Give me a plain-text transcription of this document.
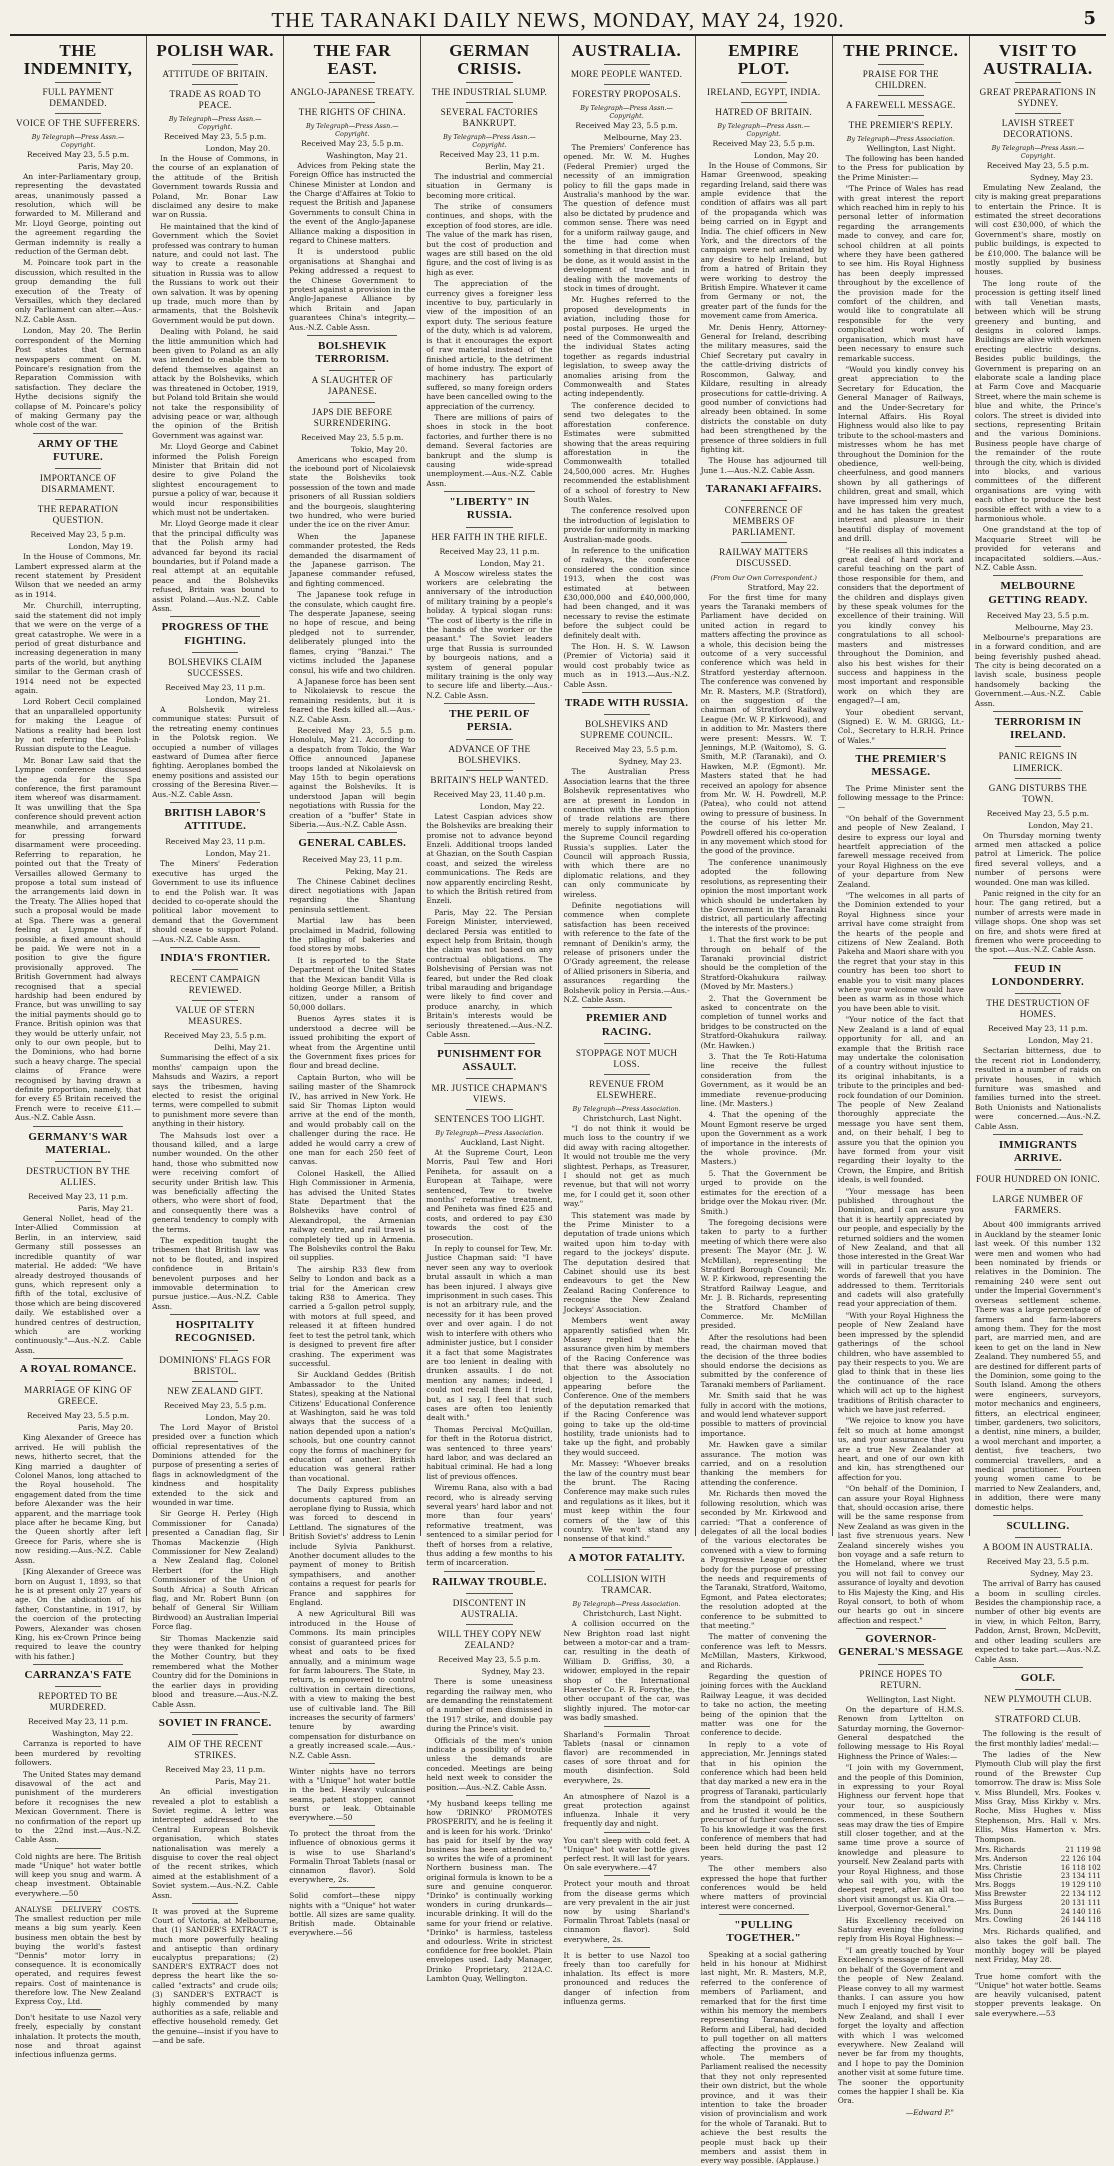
THE TARANAKI DAILY NEWS, MONDAY, MAY 24, 1920.	5
THE INDEMNITY,
FULL PAYMENT DEMANDED.
VOICE OF THE SUFFERERS.
By Telegraph—Press Assn.—Copyright.
Received May 23, 5.5 p.m.
Paris, May 20.

An inter-Parliamentary group, representing the devastated areas, unanimously passed a resolution, which will be forwarded to M. Millerand and Mr. Lloyd George, pointing out the agreement regarding the German indemnity is really a reduction of the German debt.

M. Poincare took part in the discussion, which resulted in the group demanding the full execution of the Treaty of Versailles, which they declared only Parliament can alter.—Aus.-N.Z. Cable Assn.

London, May 20. The Berlin correspondent of the Morning Post states that German newspapers comment on M. Poincare's resignation from the Reparation Commission with satisfaction. They declare the Hythe decisions signify the collapse of M. Poincare's policy of making Germany pay the whole cost of the war.

ARMY OF THE FUTURE.
IMPORTANCE OF DISARMAMENT.
THE REPARATION QUESTION.
Received May 23, 5 p.m.
London, May 19.

In the House of Commons, Mr. Lambert expressed alarm at the recent statement by President Wilson that we needed an army as in 1914.

Mr. Churchill, interrupting, said the statement did not imply that we were on the verge of a great catastrophe. We were in a period of great disturbance and increasing degeneration in many parts of the world, but anything similar to the German crash of 1914 need not be expected again.

Lord Robert Cecil complained that an unparalleled opportunity for making the League of Nations a reality had been lost by not referring the Polish-Russian dispute to the League.

Mr. Bonar Law said that the Lympne conference discussed the agenda for the Spa conference, the first paramount item whereof was disarmament. It was unwilling that the Spa conference should prevent action meanwhile, and arrangements for pressing forward disarmament were proceeding. Referring to reparation, he pointed out that the Treaty of Versailles allowed Germany to propose a total sum instead of the arrangements laid down in the Treaty. The Allies hoped that such a proposal would be made at Spa. There was a general feeling at Lympne that, if possible, a fixed amount should be paid. We were not in a position to give the figure provisionally approved. The British Government had always recognised that a special hardship had been endured by France, but was unwilling to say the initial payments should go to France. British opinion was that they would be utterly unfair, not only to our own people, but to the Dominions, who had borne such a heavy charge. The special claims of France were recognised by having drawn a definite proportion, namely, that for every £5 Britain received the French were to receive £11.—Aus.-N.Z. Cable Assn.

GERMANY'S WAR MATERIAL.
DESTRUCTION BY THE ALLIES.
Received May 23, 11 p.m.
Paris, May 21.

General Nollet, head of the Inter-Allied Commission at Berlin, in an interview, said Germany still possesses an incredible quantity of war material. He added: "We have already destroyed thousands of guns, which represent only a fifth of the total, exclusive of those which are being discovered daily. We established over a hundred centres of destruction, which are working continuously."—Aus.-N.Z. Cable Assn.

A ROYAL ROMANCE.
MARRIAGE OF KING OF GREECE.
Received May 23, 5.5 p.m.
Paris, May 20.

King Alexander of Greece has arrived. He will publish the news, hitherto secret, that the King married a daughter of Colonel Manos, long attached to the Royal household. The engagement dated from the time before Alexander was the heir apparent, and the marriage took place after he became King, but the Queen shortly after left Greece for Paris, where she is now residing.—Aus.-N.Z. Cable Assn.

[King Alexander of Greece was born on August 1, 1893, so that he is at present only 27 years of age. On the abdication of his father, Constantine, in 1917, by the coercion of the protecting Powers, Alexander was chosen King, his ex-Crown Prince being required to leave the country with his father.]

CARRANZA'S FATE
REPORTED TO BE MURDERED.
Received May 23, 11 p.m.
Washington, May 22.

Carranza is reported to have been murdered by revolting followers.

The United States may demand disavowal of the act and punishment of the murderers before it recognises the new Mexican Government. There is no confirmation of the report up to the 22nd inst.—Aus.-N.Z. Cable Assn.

Cold nights are here. The British made "Unique" hot water bottle will keep you snug and warm. A cheap investment. Obtainable everywhere.—50
ANALYSE DELIVERY COSTS. The smallest reduction per mile means a big sum yearly. Keen business men obtain the best by buying the world's fastest "Dennis" motor lorry in consequence. It is economically operated, and requires fewest repairs. Cost of maintenance is therefore low. The New Zealand Express Coy., Ltd.
Don't hesitate to use Nazol very freely, especially by constant inhalation. It protects the mouth, nose and throat against infectious influenza germs.
POLISH WAR.
ATTITUDE OF BRITAIN.
TRADE AS ROAD TO PEACE.
By Telegraph—Press Assn.—Copyright.
Received May 23, 5.5 p.m.
London, May 20.

In the House of Commons, in the course of an explanation of the attitude of the British Government towards Russia and Poland, Mr. Bonar Law disclaimed any desire to make war on Russia.

He maintained that the kind of Government which the Soviet professed was contrary to human nature, and could not last. The way to create a reasonable situation in Russia was to allow the Russians to work out their own salvation. It was by opening up trade, much more than by armaments, that the Bolshevik Government would be put down.

Dealing with Poland, he said the little ammunition which had been given to Poland as an ally was intended to enable them to defend themselves against an attack by the Bolsheviks, which was threatened in October, 1919, but Poland told Britain she would not take the responsibility of advising peace or war, although the opinion of the British Government was against war.

Mr. Lloyd George and Cabinet informed the Polish Foreign Minister that Britain did not desire to give Poland the slightest encouragement to pursue a policy of war, because it would incur responsibilities which must not be undertaken.

Mr. Lloyd George made it clear that the principal difficulty was that the Polish army had advanced far beyond its racial boundaries, but if Poland made a real attempt at an equitable peace and the Bolsheviks refused, Britain was bound to assist Poland.—Aus.-N.Z. Cable Assn.

PROGRESS OF THE FIGHTING.
BOLSHEVIKS CLAIM SUCCESSES.
Received May 23, 11 p.m.
London, May 21.

A Bolshevik wireless communique states: Pursuit of the retreating enemy continues in the Polotsk region. We occupied a number of villages eastward of Dumea after fierce fighting. Aeroplanes bombed the enemy positions and assisted our crossing of the Beresina River.—Aus.-N.Z. Cable Assn.

BRITISH LABOR'S ATTITUDE.
Received May 23, 11 p.m.
London, May 21.

The Miners' Federation executive has urged the Government to use its influence to end the Polish war. It was decided to co-operate should the political labor movement to demand that the Government should cease to support Poland.—Aus.-N.Z. Cable Assn.

INDIA'S FRONTIER.
RECENT CAMPAIGN REVIEWED.
VALUE OF STERN MEASURES.
Received May 23, 5.5 p.m.
Delhi, May 21.

Summarising the effect of a six months' campaign upon the Mahsuds and Wazirs, a report says the tribesmen, having elected to resist the original terms, were compelled to submit to punishment more severe than anything in their history.

The Mahsuds lost over a thousand killed, and a large number wounded. On the other hand, those who submitted now were receiving comfort of security under British law. This was beneficially affecting the others, who were short of food, and consequently there was a general tendency to comply with the terms.

The expedition taught the tribesmen that British law was not to be flouted, and inspired confidence in Britain's benevolent purposes and her immovable determination to pursue justice.—Aus.-N.Z. Cable Assn.

HOSPITALITY RECOGNISED.
DOMINIONS' FLAGS FOR BRISTOL.
NEW ZEALAND GIFT.
Received May 23, 5.5 p.m.
London, May 20.

The Lord Mayor of Bristol presided over a function which official representatives of the Dominions attended for the purpose of presenting a series of flags in acknowledgment of the kindness and hospitality extended to the sick and wounded in war time.

Sir George H. Perley (High Commissioner for Canada) presented a Canadian flag, Sir Thomas Mackenzie (High Commissioner for New Zealand) a New Zealand flag, Colonel Herbert (for the High Commissioner of the Union of South Africa) a South African flag, and Mr. Robert Bunn (on behalf of General Sir William Birdwood) an Australian Imperial Force flag.

Sir Thomas Mackenzie said they were thanked for helping the Mother Country, but they remembered what the Mother Country did for the Dominions in the earlier days in providing blood and treasure.—Aus.-N.Z. Cable Assn.

SOVIET IN FRANCE.
AIM OF THE RECENT STRIKES.
Received May 23, 11 p.m.
Paris, May 21.

An official investigation revealed a plot to establish a Soviet regime. A letter was intercepted addressed to the Central European Bolshevik organisation, which states nationalisation was merely a disguise to cover the real object of the recent strikes, which aimed at the establishment of a Soviet system.—Aus.-N.Z. Cable Assn.

It was proved at the Supreme Court of Victoria, at Melbourne, that (1) SANDER'S EXTRACT is much more powerfully healing and antiseptic than ordinary eucalyptus preparations; (2) SANDER'S EXTRACT does not depress the heart like the so-called "extracts" and crude oils; (3) SANDER'S EXTRACT is highly commended by many authorities as a safe, reliable and effective household remedy. Get the genuine—insist if you have to—and be safe.
THE FAR EAST.
ANGLO-JAPANESE TREATY.
THE RIGHTS OF CHINA.
By Telegraph—Press Assn.—Copyright.
Received May 23, 5.5 p.m.
Washington, May 21.

Advices from Peking state the Foreign Office has instructed the Chinese Minister at London and the Charge d'Affaires at Tokio to request the British and Japanese Governments to consult China in the event of the Anglo-Japanese Alliance making a disposition in regard to Chinese matters.

It is understood public organisations at Shanghai and Peking addressed a request to the Chinese Government to protest against a provision in the Anglo-Japanese Alliance by which Britain and Japan guarantees China's integrity.—Aus.-N.Z. Cable Assn.

BOLSHEVIK TERRORISM.
A SLAUGHTER OF JAPANESE.
JAPS DIE BEFORE SURRENDERING.
Received May 23, 5.5 p.m.
Tokio, May 20.

Americans who escaped from the icebound port of Nicolaievsk state the Bolsheviks took possession of the town and made prisoners of all Russian soldiers and the bourgeois, slaughtering two hundred, who were buried under the ice on the river Amur.

When the Japanese commander protested, the Reds demanded the disarmament of the Japanese garrison. The Japanese commander refused, and fighting commenced.

The Japanese took refuge in the consulate, which caught fire. The desperate Japanese, seeing no hope of rescue, and being pledged not to surrender, deliberately plunged into the flames, crying "Banzai." The victims included the Japanese consul, his wife and two children.

A Japanese force has been sent to Nikolaievsk to rescue the remaining residents, but it is feared the Reds killed all.—Aus.-N.Z. Cable Assn.

Received May 23, 5.5 p.m. Honolulu, May 21. According to a despatch from Tokio, the War Office announced Japanese troops landed at Nikolaievsk on May 15th to begin operations against the Bolsheviks. It is understood Japan will begin negotiations with Russia for the creation of a "buffer" State in Siberia.—Aus.-N.Z. Cable Assn.

GENERAL CABLES.
Received May 23, 11 p.m.
Peking, May 21.

The Chinese Cabinet declines direct negotiations with Japan regarding the Shantung peninsula settlement.

Martial law has been proclaimed in Madrid, following the pillaging of bakeries and food stores by mobs.

It is reported to the State Department of the United States that the Mexican bandit Villa is holding George Miller, a British citizen, under a ransom of 50,000 dollars.

Buenos Ayres states it is understood a decree will be issued prohibiting the export of wheat from the Argentine until the Government fixes prices for flour and bread decline.

Captain Burton, who will be sailing master of the Shamrock IV., has arrived in New York. He said Sir Thomas Lipton would arrive at the end of the month, and would probably call on the challenger during the race. He added he would carry a crew of one man for each 250 feet of canvas.

Colonel Haskell, the Allied High Commissioner in Armenia, has advised the United States State Department that the Bolsheviks have control of Alexandropol, the Armenian railway centre, and rail travel is completely tied up in Armenia. The Bolsheviks control the Baku oil supplies.

The airship R33 flew from Selby to London and back as a trial for the American crew taking R38 to America. They carried a 5-gallon petrol supply, with motors at full speed, and released it at fifteen hundred feet to test the petrol tank, which is designed to prevent fire after crashing. The experiment was successful.

Sir Auckland Geddes (British Ambassador to the United States), speaking at the National Citizens' Educational Conference at Washington, said he was told always that the success of a nation depended upon a nation's schools, but one country cannot copy the forms of machinery for education of another. British education was general rather than vocational.

The Daily Express publishes documents captured from an aeroplane flying to Russia, which was forced to descend in Lettland. The signatures of the British Soviet's' address to Lenin include Sylvia Pankhurst. Another document alludes to the payment of money to British sympathisers, and another contains a request for pearls for France and sapphires for England.

A new Agricultural Bill was introduced in the House of Commons. Its main principles consist of guaranteed prices for wheat and oats to be fixed annually, and a minimum wage for farm labourers. The State, in return, is empowered to control cultivation in certain directions, with a view to making the best use of cultivable land. The Bill increases the security of farmers' tenure by awarding compensation for disturbance on a greatly increased scale.—Aus.-N.Z. Cable Assn.

Winter nights have no terrors with a "Unique" hot water bottle in the bed. Heavily vulcanised seams, patent stopper, cannot burst or leak. Obtainable everywhere.—50
To protect the throat from the influence of obnoxious germs it is wise to use Sharland's Formalin Throat Tablets (nasal or cinnamon flavor). Sold everywhere, 2s.
Solid comfort—these nippy nights with a "Unique" hot water bottle. All sizes are same quality. British made. Obtainable everywhere.—56
GERMAN CRISIS.
THE INDUSTRIAL SLUMP.
SEVERAL FACTORIES BANKRUPT.
By Telegraph—Press Assn.—Copyright.
Received May 23, 11 p.m.
Berlin, May 21.

The industrial and commercial situation in Germany is becoming more critical.

The strike of consumers continues, and shops, with the exception of food stores, are idle. The value of the mark has risen, but the cost of production and wages are still based on the old figure, and the cost of living is as high as ever.

The appreciation of the currency gives a foreigner less incentive to buy, particularly in view of the imposition of an export duty. The serious feature of the duty, which is ad valorem, is that it encourages the export of raw material instead of the finished article, to the detriment of home industry. The export of machinery has particularly suffered, so many foreign orders have been cancelled owing to the appreciation of the currency.

There are millions of pairs of shoes in stock in the boot factories, and further there is no demand. Several factories are bankrupt and the slump is causing wide-spread unemployment.—Aus.-N.Z. Cable Assn.

"LIBERTY" IN RUSSIA.
HER FAITH IN THE RIFLE.
Received May 23, 11 p.m.
London, May 21.

A Moscow wireless states the workers are celebrating the anniversary of the introduction of military training by a people's holiday. A typical slogan runs: "The cost of liberty is the rifle in the hands of the worker or the peasant." The Soviet leaders urge that Russia is surrounded by bourgeois nations, and a system of general popular military training is the only way to secure life and liberty.—Aus.-N.Z. Cable Assn.

THE PERIL OF PERSIA.
ADVANCE OF THE BOLSHEVIKS.
BRITAIN'S HELP WANTED.
Received May 23, 11.40 p.m.
London, May 22.

Latest Caspian advices show the Bolsheviks are breaking their promise not to advance beyond Enzeli. Additional troops landed at Ghazian, on the South Caspian coast, and seized the wireless communications. The Reds are now apparently encircling Resht, to which the British retired from Enzeli.

Paris, May 22. The Persian Foreign Minister, interviewed, declared Persia was entitled to expect help from Britain, though the claim was not based on any contractual obligations. The Bolshevising of Persian was not feared, but under the Red cloak tribal marauding and brigandage were likely to find cover and produce anarchy, in which Britain's interests would be seriously threatened.—Aus.-N.Z. Cable Assn.

PUNISHMENT FOR ASSAULT.
MR. JUSTICE CHAPMAN'S VIEWS.
SENTENCES TOO LIGHT.
By Telegraph—Press Association.
Auckland, Last Night.

At the Supreme Court, Leon Morris, Paul Tew and Hori Peniheta, for assault on a European at Taihape, were sentenced, Tew to twelve months' reformative treatment, and Peniheta was fined £25 and costs, and ordered to pay £30 towards the cost of the prosecution.

In reply to counsel for Tew, Mr. Justice Chapman said: "I have never seen any way to overlook brutal assault in which a man has been injured. I always give imprisonment in such cases. This is not an arbitrary rule, and the necessity for it has been proved over and over again. I do not wish to interfere with others who administer justice, but I consider it a fact that some Magistrates are too lenient in dealing with drunken assaults. I do not mention any names; indeed, I could not recall them if I tried, but, as I say, I feel that such cases are often too leniently dealt with."

Thomas Percival McQuillan, for theft in the Rotorua district, was sentenced to three years' hard labor, and was declared an habitual criminal. He had a long list of previous offences.

Wiremu Rana, also with a bad record, who is already serving several years' hard labor and not more than four years' reformative treatment, was sentenced to a similar period for theft of horses from a relative, thus adding a few months to his term of incarceration.

RAILWAY TROUBLE.
DISCONTENT IN AUSTRALIA.
WILL THEY COPY NEW ZEALAND?
Received May 23, 5.5 p.m.
Sydney, May 23.

There is some uneasiness regarding the railway men, who are demanding the reinstatement of a number of men dismissed in the 1917 strike, and double pay during the Prince's visit.

Officials of the men's union indicate a possibility of trouble unless the demands are conceded. Meetings are being held next week to consider the position.—Aus.-N.Z. Cable Assn.

"My husband keeps telling me how 'DRINKO' PROMOTES PROSPERITY, and he is feeling it and is keen for his work. 'Drinko' has paid for itself by the way business has been attended to," so writes the wife of a prominent Northern business man. The original formula is known to be a sure and genuine conqueror. "Drinko" is continually working wonders in curing drunkards—incurable drinking. It will do the same for your friend or relative. "Drinko" is harmless, tasteless and odourless. Write in strictest confidence for free booklet. Plain envelopes used. Lady Manager, Drinko Proprietary, 212A.C. Lambton Quay, Wellington.
AUSTRALIA.
MORE PEOPLE WANTED.
FORESTRY PROPOSALS.
By Telegraph—Press Assn.—Copyright.
Received May 23, 5.5 p.m.
Melbourne, May 23.

The Premiers' Conference has opened. Mr. W. M. Hughes (Federal Premier) urged the necessity of an immigration policy to fill the gaps made in Australia's manhood by the war. The question of defence must also be dictated by prudence and common sense. There was need for a uniform railway gauge, and the time had come when something in that direction must be done, as it would assist in the development of trade and in dealing with the movements of stock in times of drought.

Mr. Hughes referred to the proposed developments in aviation, including those for postal purposes. He urged the need of the Commonwealth and the individual States acting together as regards industrial legislation, to sweep away the anomalies arising from the Commonwealth and States acting independently.

The conference decided to send two delegates to the afforestation conference. Estimates were submitted showing that the areas requiring afforestation in the Commonwealth totalled 24,500,000 acres. Mr. Hughes recommended the establishment of a school of forestry to New South Wales.

The conference resolved upon the introduction of legislation to provide for uniformity in marking Australian-made goods.

In reference to the unification of railways, the conference considered the condition since 1913, when the cost was estimated at between £30,000,000 and £40,000,000, had been changed, and it was necessary to revise the estimate before the subject could be definitely dealt with.

The Hon. H. S. W. Lawson (Premier of Victoria) said it would cost probably twice as much as in 1913.—Aus.-N.Z. Cable Assn.

TRADE WITH RUSSIA.
BOLSHEVIKS AND SUPREME COUNCIL.
Received May 23, 5.5 p.m.
Sydney, May 23.

The Australian Press Association learns that the three Bolshevik representatives who are at present in London in connection with the resumption of trade relations are there merely to supply information to the Supreme Council regarding Russia's supplies. Later the Council will approach Russia, with which there are no diplomatic relations, and they can only communicate by wireless.

Definite negotiations will commence when complete satisfaction has been received with reference to the fate of the remnant of Denikin's army, the release of prisoners under the O'Grady agreement, the release of Allied prisoners in Siberia, and assurances regarding the Bolshevik policy in Persia.—Aus.-N.Z. Cable Assn.

PREMIER AND RACING.
STOPPAGE NOT MUCH LOSS.
REVENUE FROM ELSEWHERE.
By Telegraph—Press Association.
Christchurch, Last Night.

"I do not think it would be much loss to the country if we did away with racing altogether. It would not trouble me the very slightest. Perhaps, as Treasurer, I should not get as much revenue, but that will not worry me, for I could get it, soon other way."

This statement was made by the Prime Minister to a deputation of trade unions which waited upon him to-day with regard to the jockeys' dispute. The deputation desired that Cabinet should use its best endeavours to get the New Zealand Racing Conference to recognise the New Zealand Jockeys' Association.

Members went away apparently satisfied when Mr. Massey replied that the assurance given him by members of the Racing Conference was that there was absolutely no objection to the Association appearing before the Conference. One of the members of the deputation remarked that if the Racing Conference was going to take up the old-time hostility, trade unionists had to take up the fight, and probably they would succeed.

Mr. Massey: "Whoever breaks the law of the country must bear the brunt. The Racing Conference may make such rules and regulations as it likes, but it must keep within the four corners of the law of this country. We won't stand any nonsense of that kind."

A MOTOR FATALITY.
COLLISION WITH TRAMCAR.
By Telegraph—Press Association.
Christchurch, Last Night.

A collision occurred on the New Brighton road last night between a motor-car and a tram-car, resulting in the death of William D. Griffiss, 30, a widower, employed in the repair shop of the International Harvester Co. F. R. Forsythe, the other occupant of the car, was slightly injured. The motor-car was badly smashed.

Sharland's Formalin Throat Tablets (nasal or cinnamon flavor) are recommended in cases of sore throat and for mouth disinfection. Sold everywhere, 2s.
An atmosphere of Nazol is a great protection against influenza. Inhale it very frequently day and night.
You can't sleep with cold feet. A "Unique" hot water bottle gives perfect rest. It will last for years. On sale everywhere.—47
Protect your mouth and throat from the disease germs which are very prevalent in the air just now by using Sharland's Formalin Throat Tablets (nasal or cinnamon flavor). Sold everywhere, 2s.
It is better to use Nazol too freely than too carefully for inhalation. Its effect is more pronounced and reduces the danger of infection from influenza germs.
EMPIRE PLOT.
IRELAND, EGYPT, INDIA.
HATRED OF BRITAIN.
By Telegraph—Press Assn.—Copyright.
Received May 23, 5.5 p.m.
London, May 20.

In the House of Commons, Sir Hamar Greenwood, speaking regarding Ireland, said there was ample evidence that the condition of affairs was all part of the propaganda which was being carried on in Egypt and India. The chief officers in New York, and the directors of the campaign were not animated by any desire to help Ireland, but from a hatred of Britain they were working to destroy the British Empire. Whatever it came from Germany or not, the greater part of the funds for the movement came from America.

Mr. Denis Henry, Attorney-General for Ireland, describing the military measures, said the Chief Secretary put cavalry in the cattle-driving districts of Roscommon, Galway, and Kildare, resulting in already prosecutions for cattle-driving. A good number of convictions had already been obtained. In some districts the constable on duty had been strengthened by the presence of three soldiers in full fighting kit.

The House has adjourned till June 1.—Aus.-N.Z. Cable Assn.

TARANAKI AFFAIRS.
CONFERENCE OF MEMBERS OF PARLIAMENT.
RAILWAY MATTERS DISCUSSED.
(From Our Own Correspondent.)
Stratford, May 22.

For the first time for many years the Taranaki members of Parliament have decided on united action in regard to matters affecting the province as a whole, this decision being the outcome of a very successful conference which was held in Stratford yesterday afternoon. The conference was convened by Mr. R. Masters, M.P. (Stratford), on the suggestion of the chairman of Stratford Railway League (Mr. W. P. Kirkwood), and in addition to Mr. Masters there were present: Messrs. W. T. Jennings, M.P. (Waitomo), S. G. Smith, M.P. (Taranaki), and O. Hawken, M.P. (Egmont). Mr. Masters stated that he had received an apology for absence from Mr. W. H. Powdrell, M.P. (Patea), who could not attend owing to pressure of business. In the course of his letter Mr. Powdrell offered his co-operation in any movement which stood for the good of the province.

The conference unanimously adopted the following resolutions, as representing their opinion the most important work which should be undertaken by the Government in the Taranaki district, all particularly affecting the interests of the province:

1. That the first work to be put through on behalf of the Taranaki provincial district should be the completion of the Stratford-Okahukura railway. (Moved by Mr. Masters.)

2. That the Government be asked to concentrate on the completion of tunnel works and bridges to be constructed on the Stratford-Okahukura railway. (Mr. Hawken.)

3. That the Te Roti-Hatuma line receive the fullest consideration from the Government, as it would be an immediate revenue-producing line. (Mr. Masters.)

4. That the opening of the Mount Egmont reserve be urged upon the Government as a work of importance in the interests of the whole province. (Mr. Masters.)

5. That the Government be urged to provide on the estimates for the erection of a bridge over the Mokau river. (Mr. Smith.)

The foregoing decisions were taken to party to a further meeting of which there were also present: The Mayor (Mr. J. W. McMillan), representing the Stratford Borough Council; Mr. W. P. Kirkwood, representing the Stratford Railway League, and Mr. J. B. Richards, representing the Stratford Chamber of Commerce. Mr. McMillan presided.

After the resolutions had been read, the chairman moved that the decision of the three bodies should endorse the decisions as submitted by the conference of Taranaki members of Parliament.

Mr. Smith said that he was fully in accord with the motions, and would lend whatever support possible to matters of provincial importance.

Mr. Hawken gave a similar assurance. The motion was carried, and on a resolution thanking the members for attending the conference.

Mr. Richards then moved the following resolution, which was seconded by Mr. Kirkwood and carried: "That a conference of delegates of all the local bodies of the various electorates be convened with a view to forming a Progressive League or other body for the purpose of pressing the needs and requirements of the Taranaki, Stratford, Waitomo, Egmont, and Patea electorates; the resolution adopted at the conference to be submitted to that meeting."

The matter of convening the conference was left to Messrs. McMillan, Masters, Kirkwood, and Richards.

Regarding the question of joining forces with the Auckland Railway League, it was decided to take no action, the meeting being of the opinion that the matter was one for the conference to decide.

In reply to a vote of appreciation, Mr. Jennings stated that in his opinion the conference which had been held that day marked a new era in the progress of Taranaki, particularly from the standpoint of politics, and he trusted it would be the precursor of further conferences. To his knowledge it was the first conference of members that had been held during the past 12 years.

The other members also expressed the hope that further conferences would be held where matters of provincial interest were concerned.

"PULLING TOGETHER."

Speaking at a social gathering held in his honour at Midhirst last night, Mr. R. Masters, M.P., referred to the conference of members of Parliament, and remarked that for the first time within his memory the members representing Taranaki, both Reform and Liberal, had decided to pull together on all matters affecting the province as a whole. The members of Parliament realised the necessity that they not only represented their own district, but the whole province, and it was their intention to take the broader vision of provincialism and work for the whole of Taranaki. But to achieve the best results the people must back up their members and assist them in every way possible. (Applause.)

THE PRINCE.
PRAISE FOR THE CHILDREN.
A FAREWELL MESSAGE.
THE PREMIER'S REPLY.
By Telegraph—Press Association.
Wellington, Last Night.

The following has been handed to the Press for publication by the Prime Minister:—

"The Prince of Wales has read with great interest the report which reached him in reply to his personal letter of information regarding the arrangements made to convey, and care for, school children at all points where they have been gathered to see him. His Royal Highness has been deeply impressed throughout by the excellence of the provision made for the comfort of the children, and would like to congratulate all responsible for the very complicated work of organisation, which must have been necessary to ensure such remarkable success.

"Would you kindly convey his great appreciation to the Secretary for Education, the General Manager of Railways, and the Under-Secretary for Internal Affairs. His Royal Highness would also like to pay tribute to the school-masters and mistresses whom he has met throughout the Dominion for the obedience, well-being, cheerfulness, and good manners shown by all gatherings of children, great and small, which have impressed him very much, and he has taken the greatest interest and pleasure in their beautiful display of movement and drill.

"He realises all this indicates a great deal of hard work and careful teaching on the part of those responsible for them, and considers that the deportment of the children and displays given by these speak volumes for the excellence of their training. Will you kindly convey his congratulations to all school-masters and mistresses throughout the Dominion, and also his best wishes for their success and happiness in the most important and responsible work on which they are engaged?—I am,

Your obedient servant, (Signed) E. W. M. GRIGG, Lt.-Col., Secretary to H.R.H. Prince of Wales."

THE PREMIER'S MESSAGE.

The Prime Minister sent the following message to the Prince:—

"On behalf of the Government and people of New Zealand, I desire to express our loyal and heartfelt appreciation of the farewell message received from your Royal Highness on the eve of your departure from New Zealand.

"The welcomes in all parts of the Dominion extended to your Royal Highness since your arrival have come straight from the hearts of the people and citizens of New Zealand. Both Pakeha and Maori share with you the regret that your stay in this country has been too short to enable you to visit many places where your welcome would have been as warm as in those which you have been able to visit.

"Your notice of the fact that New Zealand is a land of equal opportunity for all, and an example that the British race may undertake the colonisation of a country without injustice to its original inhabitants, is a tribute to the principles and bed-rock foundation of our Dominion. The people of New Zealand thoroughly appreciate the message you have sent them, and, on their behalf, I beg to assure you that the opinion you have formed from your visit regarding their loyalty to the Crown, the Empire, and British ideals, is well founded.

"Your message has been published throughout the Dominion, and I can assure you that it is heartily appreciated by our people, and especially by the returned soldiers and the women of New Zealand, and that all those interested in the Great War will in particular treasure the words of farewell that you have addressed to them. Territorials and cadets will also gratefully read your appreciation of them.

"With your Royal Highness the people of New Zealand have been impressed by the splendid gatherings of the school children, who have assembled to pay their respects to you. We are glad to think that in these lies the continuance of the race which will act up to the highest traditions of British character to which we have just referred.

"We rejoice to know you have felt so much at home amongst us, and your assurance that you are a true New Zealander at heart, and one of our own kith and kin, has strengthened our affection for you.

"On behalf of the Dominion, I can assure your Royal Highness that, should occasion arise, there will be the same response from New Zealand as was given in the last five strenuous years. New Zealand sincerely wishes you bon voyage and a safe return to the Homeland, where we trust you will not fail to convey our assurance of loyalty and devotion to His Majesty the King, and His Royal consort, to both of whom our hearts go out in sincere affection and respect."

GOVERNOR-GENERAL'S MESSAGE
PRINCE HOPES TO RETURN.
Wellington, Last Night.

On the departure of H.M.S. Renown from Lyttelton on Saturday morning, the Governor-General despatched the following message to His Royal Highness the Prince of Wales:—

"I join with my Government, and the people of this Dominion, in expressing to your Royal Highness our fervent hope that your tour, so auspiciously commenced, in these Southern seas may draw the ties of Empire still closer together, and at the same time prove a source of knowledge and pleasure to yourself. New Zealand parts with your Royal Highness, and those who sail with you, with the deepest regret, after an all too short visit amongst us. Kia Ora.—Liverpool, Governor-General."

His Excellency received on Saturday evening the following reply from His Royal Highness:—

"I am greatly touched by Your Excellency's message of farewell on behalf of the Government and the people of New Zealand. Please convey to all my warmest thanks. I can assure you how much I enjoyed my first visit to New Zealand, and shall I ever forget the loyalty and affection with which I was welcomed everywhere. New Zealand will never be far from my thoughts, and I hope to pay the Dominion another visit at some future time. The sooner the opportunity comes the happier I shall be. Kia Ora.

—Edward P."
VISIT TO AUSTRALIA.
GREAT PREPARATIONS IN SYDNEY.
LAVISH STREET DECORATIONS.
By Telegraph—Press Assn.—Copyright.
Received May 23, 5.5 p.m.
Sydney, May 23.

Emulating New Zealand, the city is making great preparations to entertain the Prince. It is estimated the street decorations will cost £30,000, of which the Government's share, mostly on public buildings, is expected to be £10,000. The balance will be mostly supplied by business houses.

The long route of the procession is getting itself lined with tall Venetian masts, between which will be strung greenery and bunting, and designs in colored lamps. Buildings are alive with workmen erecting electric designs. Besides public buildings, the Government is preparing on an elaborate scale a landing place at Farm Cove and Macquarie Street, where the main scheme is blue and white, the Prince's colors. The street is divided into sections, representing Britain and the various Dominions. Business people have charge of the remainder of the route through the city, which is divided into blocks, and various committees of the different organisations are vying with each other to produce the best possible effect with a view to a harmonious whole.

One grandstand at the top of Macquarie Street will be provided for veterans and incapacitated soldiers.—Aus.-N.Z. Cable Assn.

MELBOURNE GETTING READY.
Received May 23, 5.5 p.m.
Melbourne, May 23.

Melbourne's preparations are in a forward condition, and are being feverishly pushed ahead. The city is being decorated on a lavish scale, business people handsomely backing the Government.—Aus.-N.Z. Cable Assn.

TERRORISM IN IRELAND.
PANIC REIGNS IN LIMERICK.
GANG DISTURBS THE TOWN.
Received May 23, 5.5 p.m.
London, May 21.

On Thursday morning twenty armed men attacked a police patrol at Limerick. The police fired several volleys, and a number of persons were wounded. One man was killed.

Panic reigned in the city for an hour. The gang retired, but a number of arrests were made in village shops. One shop was set on fire, and shots were fired at firemen who were proceeding to the spot.—Aus.-N.Z. Cable Assn.

FEUD IN LONDONDERRY.
THE DESTRUCTION OF HOMES.
Received May 23, 11 p.m.
London, May 21.

Sectarian bitterness, due to the recent riot in Londonderry, resulted in a number of raids on private houses, in which furniture was smashed and families turned into the street. Both Unionists and Nationalists were concerned.—Aus.-N.Z. Cable Assn.

IMMIGRANTS ARRIVE.
FOUR HUNDRED ON IONIC.
LARGE NUMBER OF FARMERS.

About 400 immigrants arrived in Auckland by the steamer Ionic last week. Of this number 132 were men and women who had been nominated by friends or relatives in the Dominion. The remaining 240 were sent out under the Imperial Government's overseas settlement scheme. There was a large percentage of farmers and farm-laborers among them. They for the most part, are married men, and are keen to get on the land in New Zealand. They numbered 55, and are destined for different parts of the Dominion, some going to the South Island. Among the others were engineers, surveyors, motor mechanics and engineers, fitters, an electrical engineer, timber, gardeners, two solicitors, a dentist, nine miners, a builder, a wool merchant and importer, a dentist, five teachers, two commercial travellers, and a medical practitioner. Fourteen young women came to be married to New Zealanders, and, in addition, there were many domestic helps.

SCULLING.
A BOOM IN AUSTRALIA.
Received May 23, 5.5 p.m.
Sydney, May 23.

The arrival of Barry has caused a boom in sculling circles. Besides the championship race, a number of other big events are in view, in which Felton, Barry, Paddon, Arnst, Brown, McDevitt, and other leading scullers are expected to take part.—Aus.-N.Z. Cable Assn.

GOLF.
NEW PLYMOUTH CLUB.
STRATFORD CLUB.

The following is the result of the first monthly ladies' medal:—

The ladies of the New Plymouth Club will play the first round of the Brewster Cup tomorrow. The draw is: Miss Sole v. Miss Blundell, Mrs. Fookes v. Miss Gray, Miss Kirkby v. Mrs. Roche, Miss Hughes v. Miss Stephenson, Mrs. Hall v. Mrs. Ellis, Miss Hamerton v. Mrs. Thompson.

Mrs. Richards	21 119 98
Mrs. Anderson	22 126 104
Mrs. Christie	16 118 102
Miss Christie	23 134 111
Mrs. Boggs	19 129 110
Miss Brewster	22 134 112
Miss Burgess	20 131 111
Mrs. Dunn	24 140 116
Mrs. Cowling	26 144 118

Mrs. Richards qualified, and also takes the golf ball. The monthly bogey will be played next Friday, May 28.

True home comfort with the "Unique" hot water bottle. Seams are heavily vulcanised, patent stopper prevents leakage. On sale everywhere.—53
